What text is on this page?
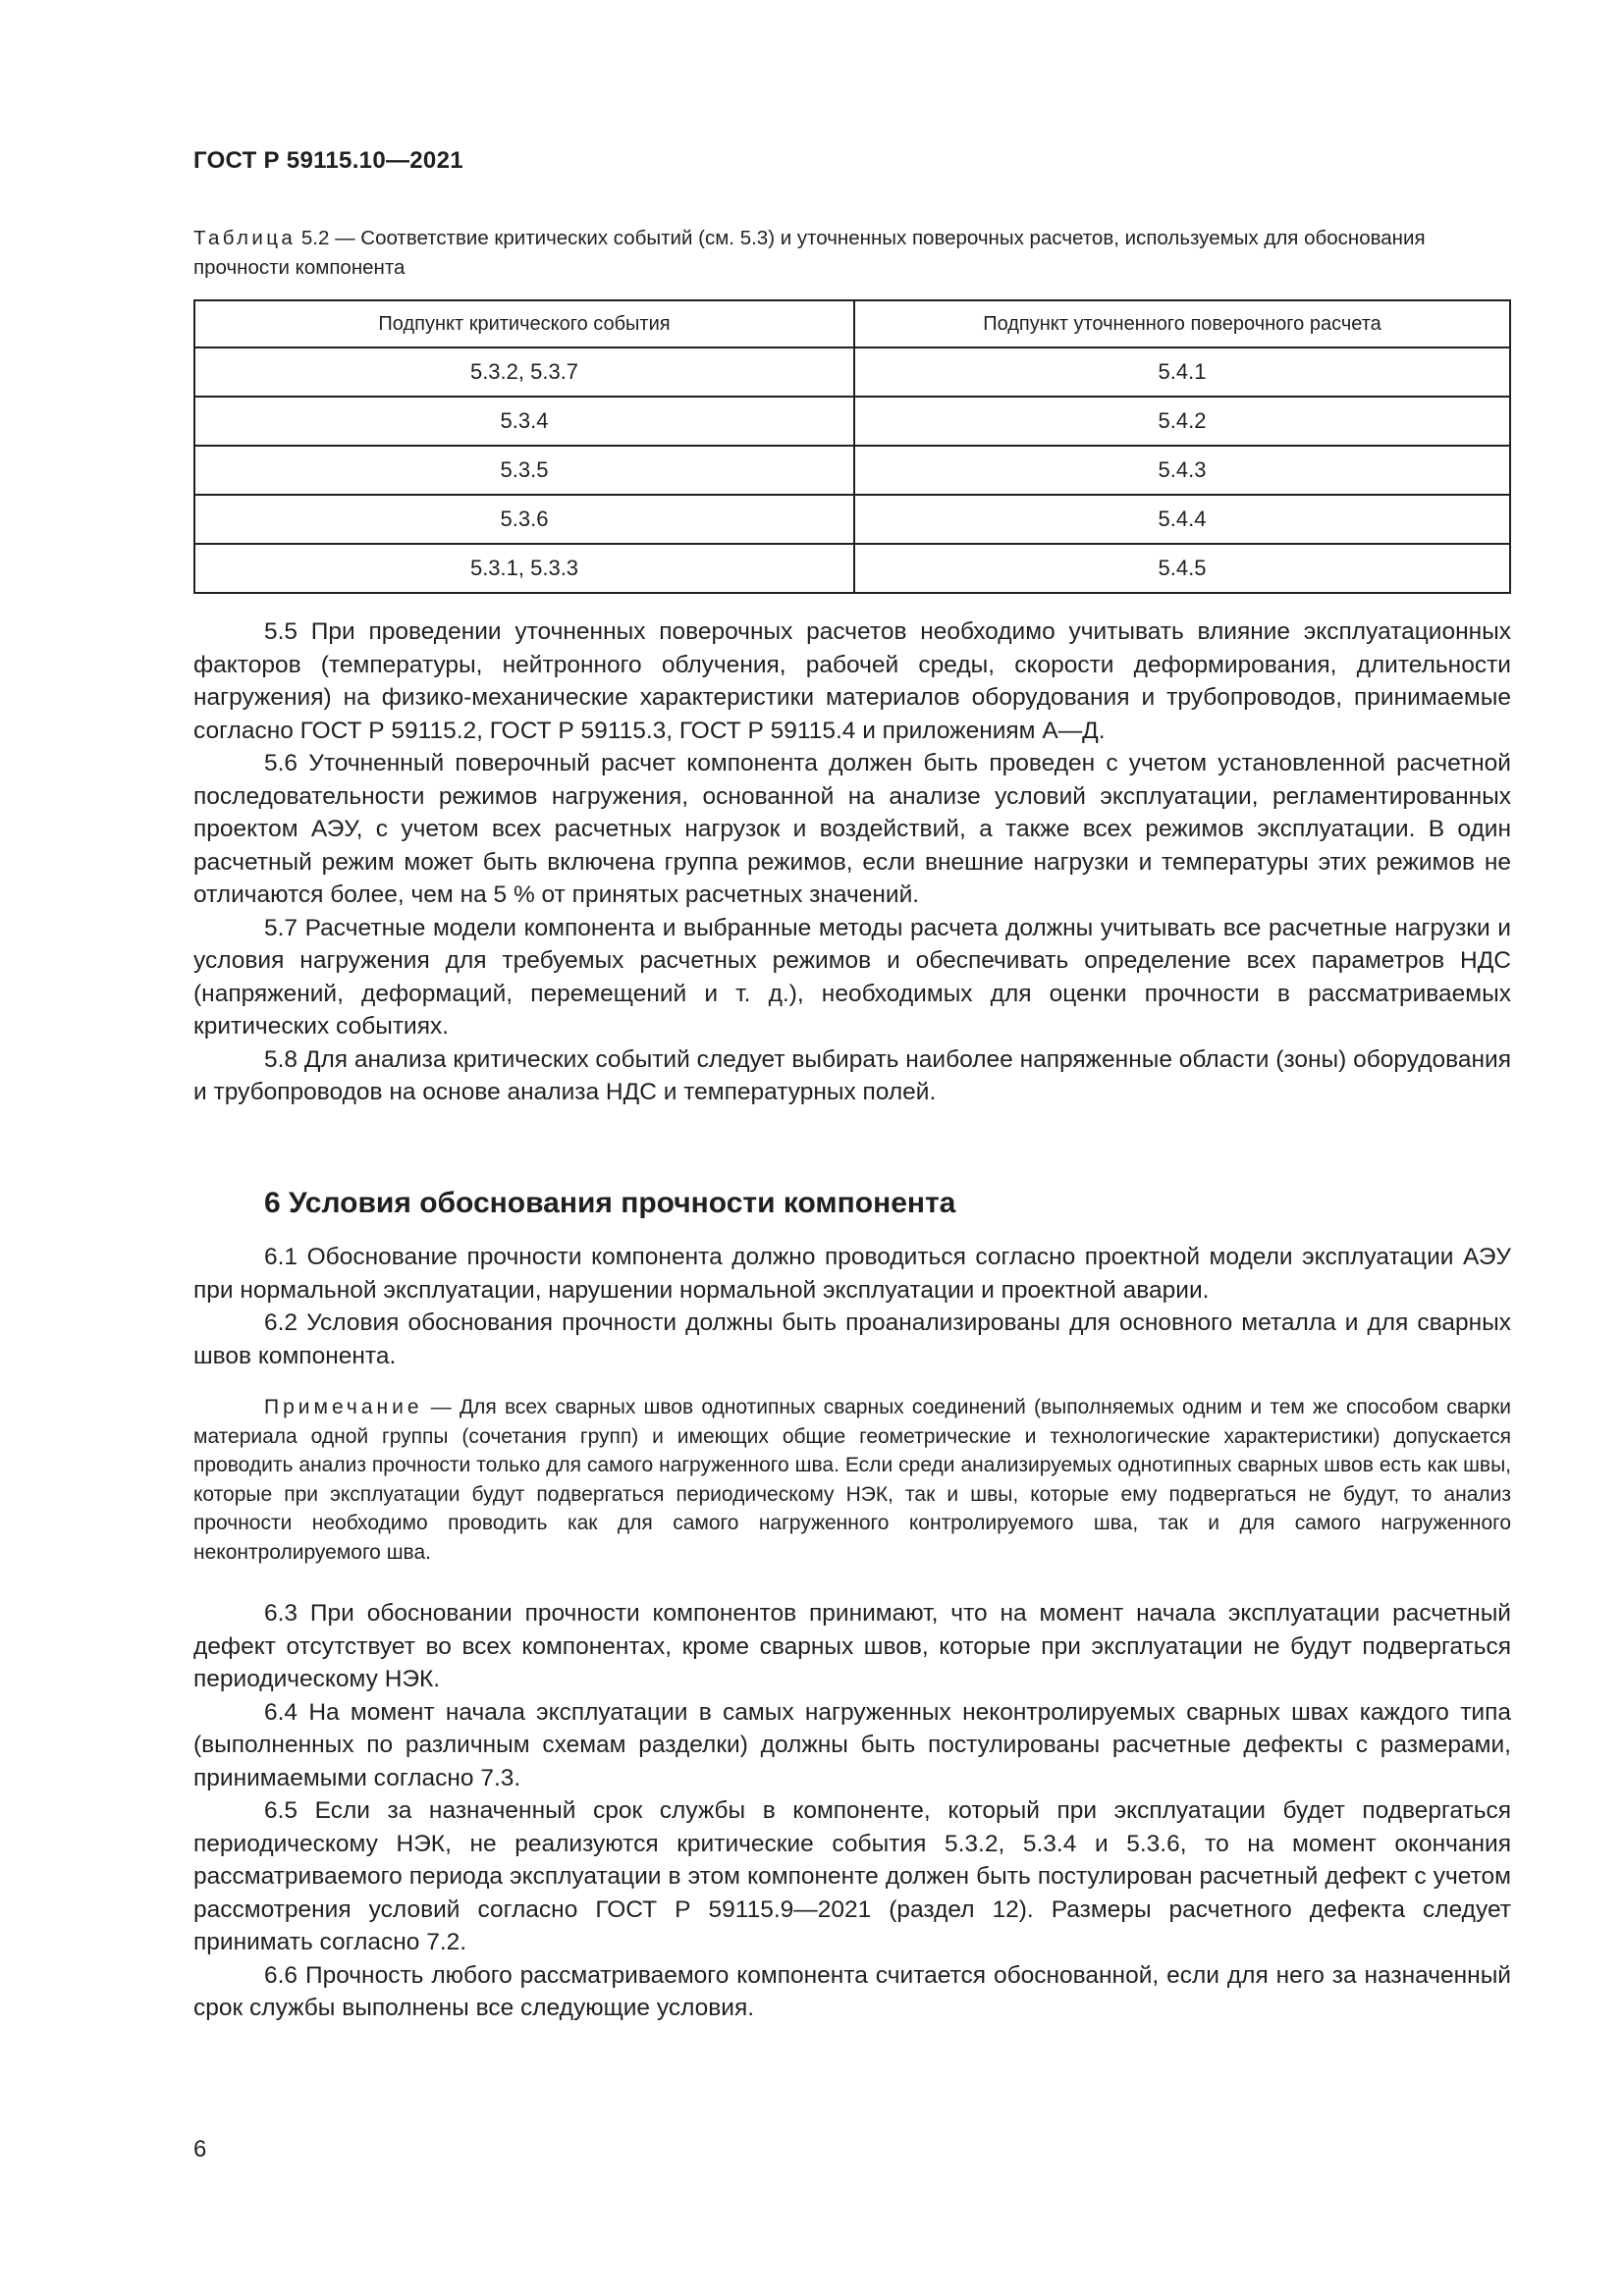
ГОСТ Р 59115.10—2021
Таблица 5.2 — Соответствие критических событий (см. 5.3) и уточненных поверочных расчетов, используемых для обоснования прочности компонента
Подпункт критического события	Подпункт уточненного поверочного расчета
5.3.2, 5.3.7	5.4.1
5.3.4	5.4.2
5.3.5	5.4.3
5.3.6	5.4.4
5.3.1, 5.3.3	5.4.5

5.5 При проведении уточненных поверочных расчетов необходимо учитывать влияние эксплуатационных факторов (температуры, нейтронного облучения, рабочей среды, скорости деформирования, длительности нагружения) на физико-механические характеристики материалов оборудования и трубопроводов, принимаемые согласно ГОСТ Р 59115.2, ГОСТ Р 59115.3, ГОСТ Р 59115.4 и приложениям А—Д.

5.6 Уточненный поверочный расчет компонента должен быть проведен с учетом установленной расчетной последовательности режимов нагружения, основанной на анализе условий эксплуатации, регламентированных проектом АЭУ, с учетом всех расчетных нагрузок и воздействий, а также всех режимов эксплуатации. В один расчетный режим может быть включена группа режимов, если внешние нагрузки и температуры этих режимов не отличаются более, чем на 5 % от принятых расчетных значений.

5.7 Расчетные модели компонента и выбранные методы расчета должны учитывать все расчетные нагрузки и условия нагружения для требуемых расчетных режимов и обеспечивать определение всех параметров НДС (напряжений, деформаций, перемещений и т. д.), необходимых для оценки прочности в рассматриваемых критических событиях.

5.8 Для анализа критических событий следует выбирать наиболее напряженные области (зоны) оборудования и трубопроводов на основе анализа НДС и температурных полей.

6 Условия обоснования прочности компонента

6.1 Обоснование прочности компонента должно проводиться согласно проектной модели эксплуатации АЭУ при нормальной эксплуатации, нарушении нормальной эксплуатации и проектной аварии.

6.2 Условия обоснования прочности должны быть проанализированы для основного металла и для сварных швов компонента.

Примечание — Для всех сварных швов однотипных сварных соединений (выполняемых одним и тем же способом сварки материала одной группы (сочетания групп) и имеющих общие геометрические и технологические характеристики) допускается проводить анализ прочности только для самого нагруженного шва. Если среди анализируемых однотипных сварных швов есть как швы, которые при эксплуатации будут подвергаться периодическому НЭК, так и швы, которые ему подвергаться не будут, то анализ прочности необходимо проводить как для самого нагруженного контролируемого шва, так и для самого нагруженного неконтролируемого шва.

6.3 При обосновании прочности компонентов принимают, что на момент начала эксплуатации расчетный дефект отсутствует во всех компонентах, кроме сварных швов, которые при эксплуатации не будут подвергаться периодическому НЭК.

6.4 На момент начала эксплуатации в самых нагруженных неконтролируемых сварных швах каждого типа (выполненных по различным схемам разделки) должны быть постулированы расчетные дефекты с размерами, принимаемыми согласно 7.3.

6.5 Если за назначенный срок службы в компоненте, который при эксплуатации будет подвергаться периодическому НЭК, не реализуются критические события 5.3.2, 5.3.4 и 5.3.6, то на момент окончания рассматриваемого периода эксплуатации в этом компоненте должен быть постулирован расчетный дефект с учетом рассмотрения условий согласно ГОСТ Р 59115.9—2021 (раздел 12). Размеры расчетного дефекта следует принимать согласно 7.2.

6.6 Прочность любого рассматриваемого компонента считается обоснованной, если для него за назначенный срок службы выполнены все следующие условия.

6
